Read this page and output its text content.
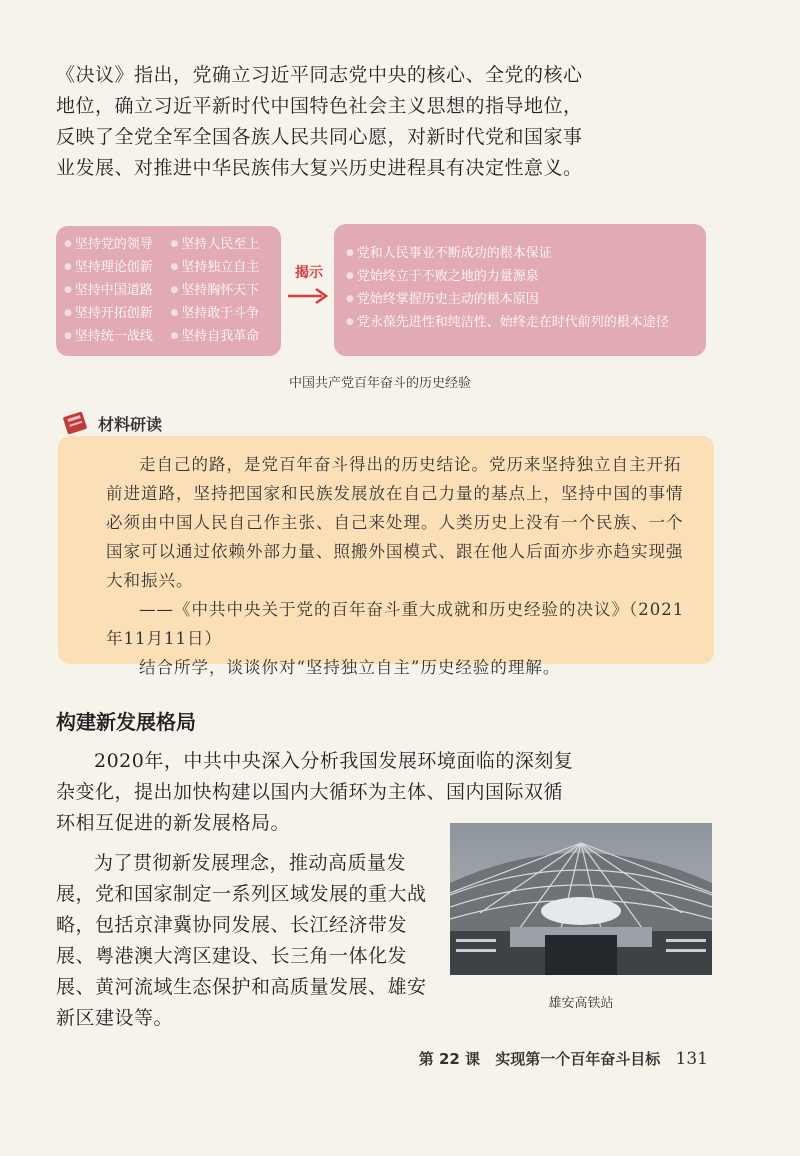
《决议》指出，党确立习近平同志党中央的核心、全党的核心地位，确立习近平新时代中国特色社会主义思想的指导地位，反映了全党全军全国各族人民共同心愿，对新时代党和国家事业发展、对推进中华民族伟大复兴历史进程具有决定性意义。

● 坚持党的领导	● 坚持人民至上
● 坚持理论创新	● 坚持独立自主
● 坚持中国道路	● 坚持胸怀天下
● 坚持开拓创新	● 坚持敢于斗争
● 坚持统一战线	● 坚持自我革命
揭示
● 党和人民事业不断成功的根本保证
● 党始终立于不败之地的力量源泉
● 党始终掌握历史主动的根本原因
● 党永葆先进性和纯洁性、始终走在时代前列的根本途径
中国共产党百年奋斗的历史经验
材料研读

走自己的路，是党百年奋斗得出的历史结论。党历来坚持独立自主开拓前进道路，坚持把国家和民族发展放在自己力量的基点上，坚持中国的事情必须由中国人民自己作主张、自己来处理。人类历史上没有一个民族、一个国家可以通过依赖外部力量、照搬外国模式、跟在他人后面亦步亦趋实现强大和振兴。

——《中共中央关于党的百年奋斗重大成就和历史经验的决议》（2021年11月11日）

结合所学，谈谈你对“坚持独立自主”历史经验的理解。

构建新发展格局

2020年，中共中央深入分析我国发展环境面临的深刻复杂变化，提出加快构建以国内大循环为主体、国内国际双循环相互促进的新发展格局。

为了贯彻新发展理念，推动高质量发展，党和国家制定一系列区域发展的重大战略，包括京津冀协同发展、长江经济带发展、粤港澳大湾区建设、长三角一体化发展、黄河流域生态保护和高质量发展、雄安新区建设等。

雄安高铁站
第 22 课 实现第一个百年奋斗目标 131
